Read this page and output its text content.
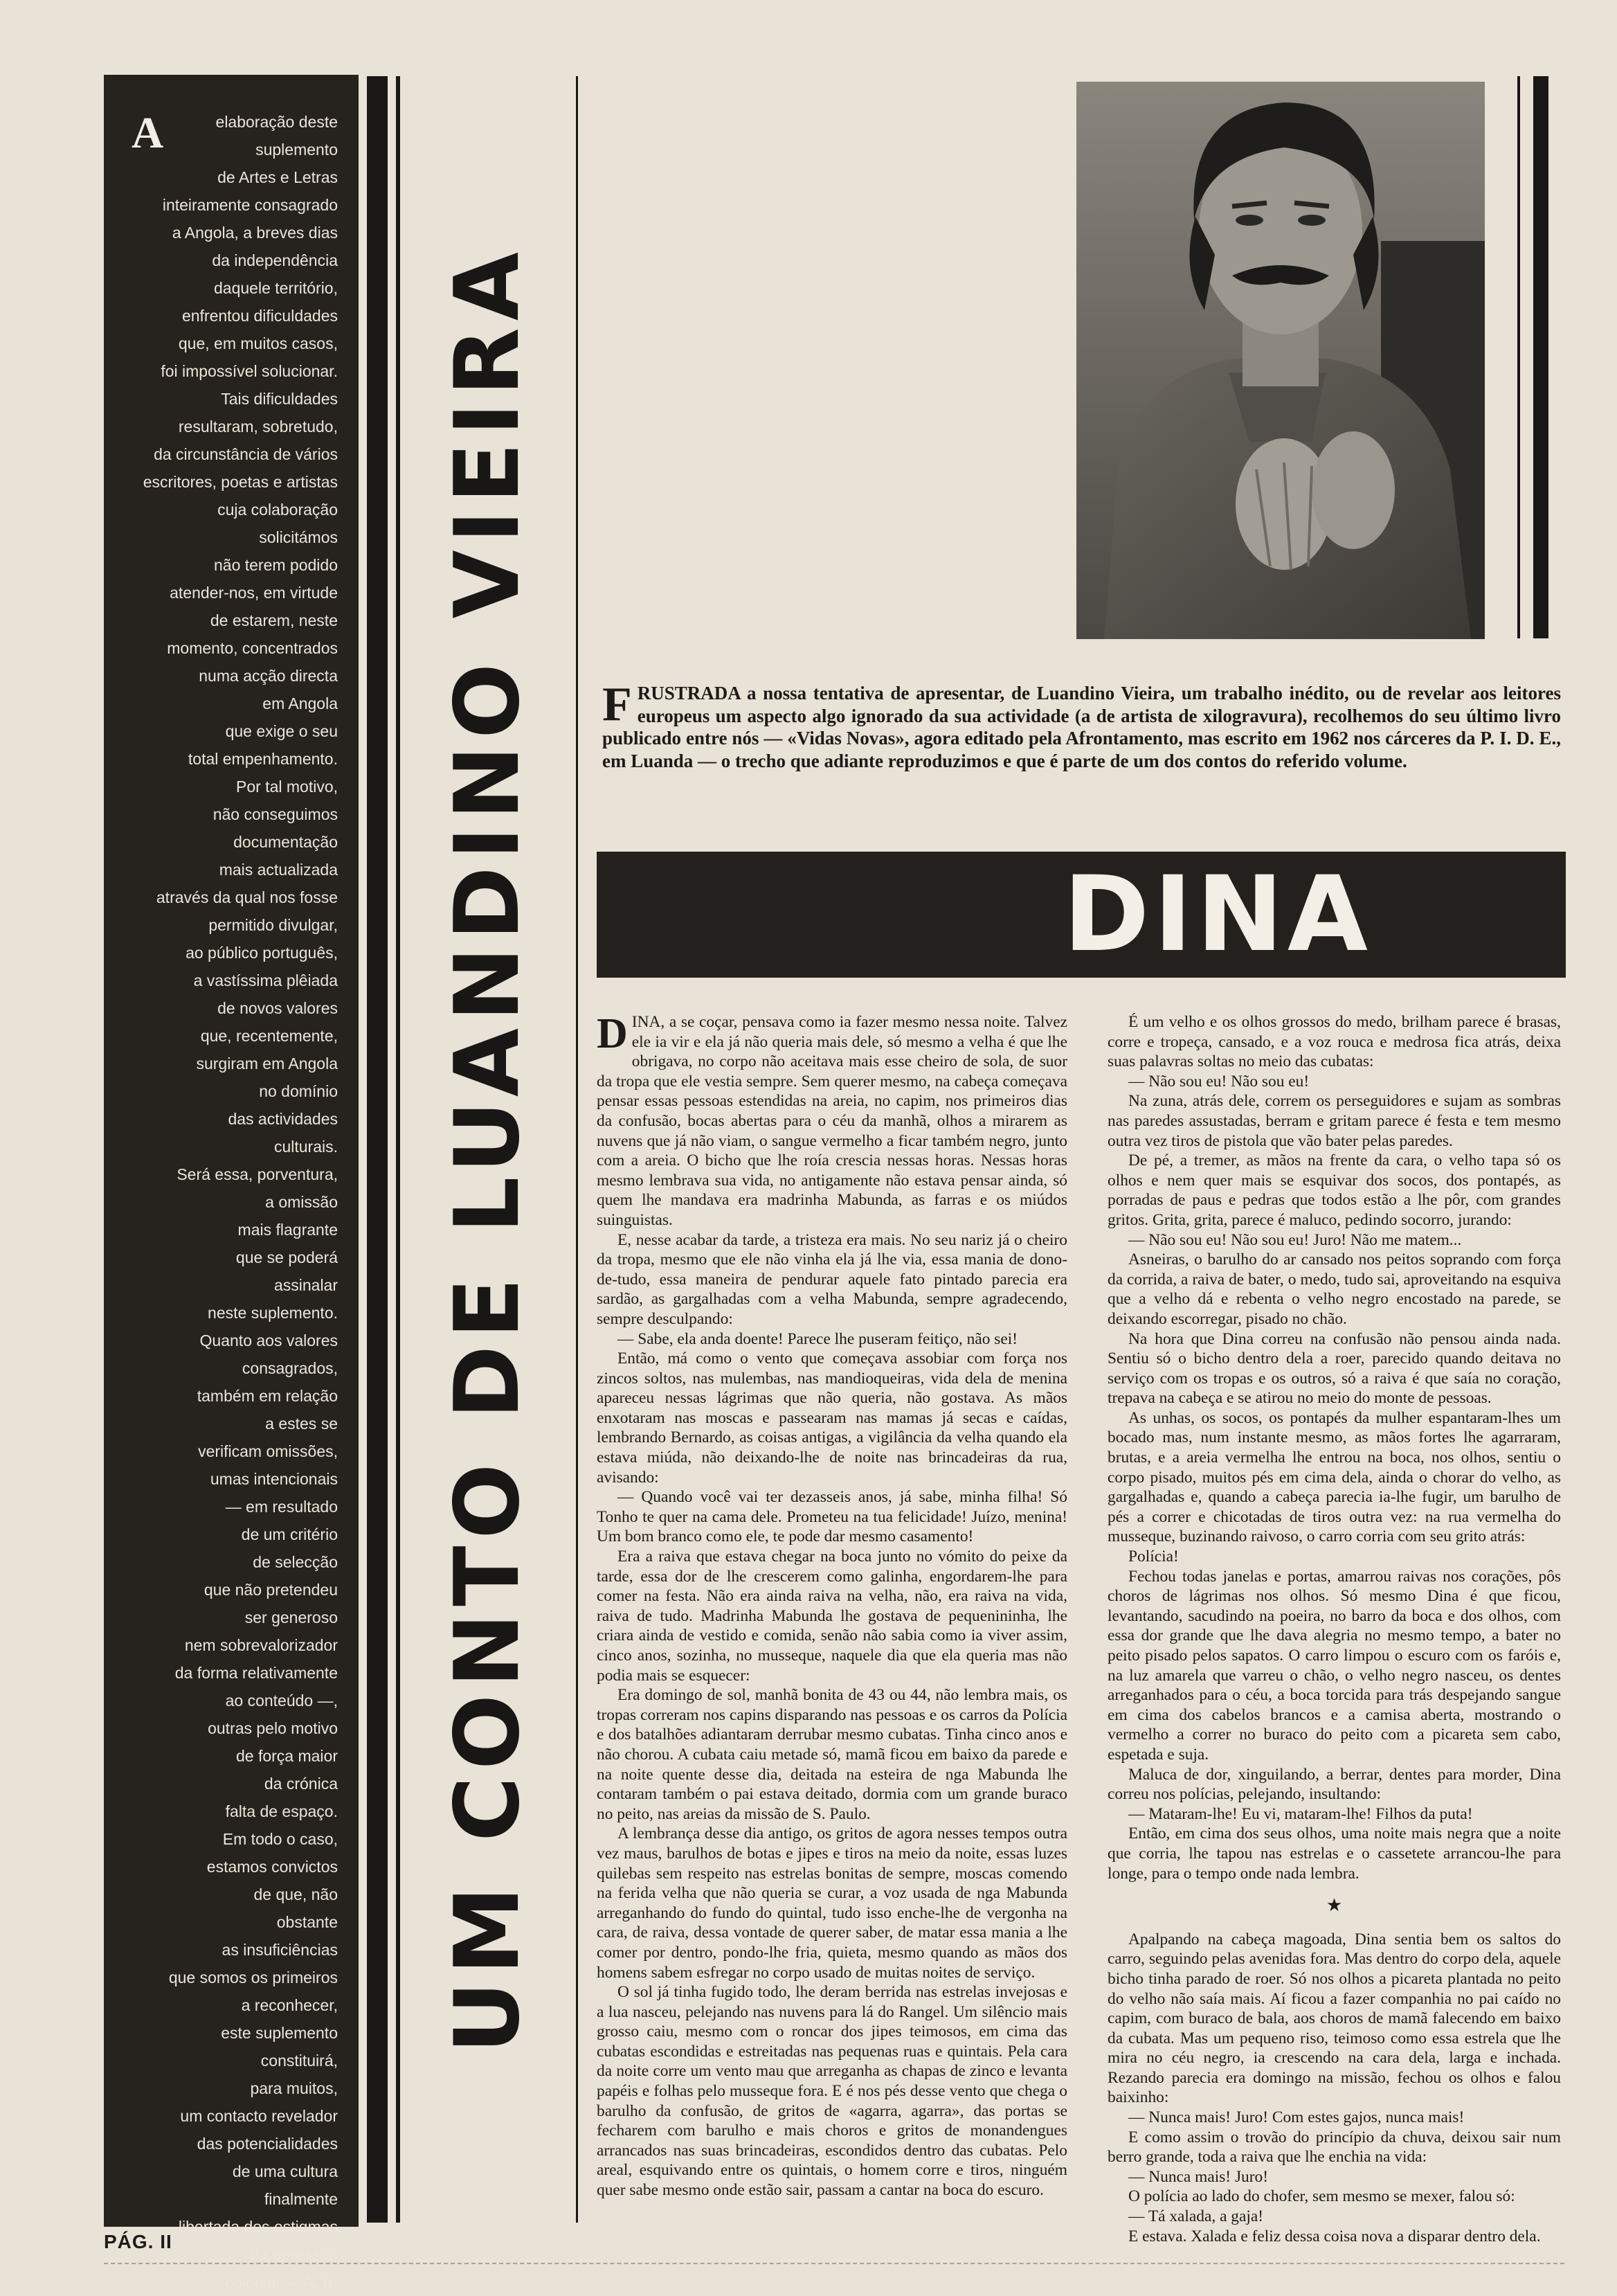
A	elaboração deste

suplemento

de Artes e Letras

inteiramente consagrado

a Angola, a breves dias

da independência

daquele território,

enfrentou dificuldades

que, em muitos casos,

foi impossível solucionar.

Tais dificuldades

resultaram, sobretudo,

da circunstância de vários

escritores, poetas e artistas

cuja colaboração

solicitámos

não terem podido

atender-nos, em virtude

de estarem, neste

momento, concentrados

numa acção directa

em Angola

que exige o seu

total empenhamento.

Por tal motivo,

não conseguimos

documentação

mais actualizada

através da qual nos fosse

permitido divulgar,

ao público português,

a vastíssima plêiada

de novos valores

que, recentemente,

surgiram em Angola

no domínio

das actividades

culturais.

Será essa, porventura,

a omissão

mais flagrante

que se poderá

assinalar

neste suplemento.

Quanto aos valores

consagrados,

também em relação

a estes se

verificam omissões,

umas intencionais

— em resultado

de um critério

de selecção

que não pretendeu

ser generoso

nem sobrevalorizador

da forma relativamente

ao conteúdo —,

outras pelo motivo

de força maior

da crónica

falta de espaço.

Em todo o caso,

estamos convictos

de que, não

obstante

as insuficiências

que somos os primeiros

a reconhecer,

este suplemento

constituirá,

para muitos,

um contacto revelador

das potencialidades

de uma cultura

finalmente

libertada dos estigmas

da opressão

colonial — A. B.

UM CONTO DE LUANDINO VIEIRA FRUSTRADA a nossa tentativa de apresentar, de Luandino Vieira, um trabalho inédito, ou de revelar aos leitores europeus um aspecto algo ignorado da sua actividade (a de artista de xilogravura), recolhemos do seu último livro publicado entre nós — «Vidas Novas», agora editado pela Afrontamento, mas escrito em 1962 nos cárceres da P. I. D. E., em Luanda — o trecho que adiante reproduzimos e que é parte de um dos contos do referido volume.
DINA
D INA, a se coçar, pensava como ia fazer mesmo nessa noite. Talvez ele ia vir e ela já não queria mais dele, só mesmo a velha é que lhe obrigava, no corpo não aceitava mais esse cheiro de sola, de suor da tropa que ele vestia sempre. Sem querer mesmo, na cabeça começava pensar essas pessoas estendidas na areia, no capim, nos primeiros dias da confusão, bocas abertas para o céu da manhã, olhos a mirarem as nuvens que já não viam, o sangue vermelho a ficar também negro, junto com a areia. O bicho que lhe roía crescia nessas horas. Nessas horas mesmo lembrava sua vida, no antigamente não estava pensar ainda, só quem lhe mandava era madrinha Mabunda, as farras e os miúdos suinguistas.

E, nesse acabar da tarde, a tristeza era mais. No seu nariz já o cheiro da tropa, mesmo que ele não vinha ela já lhe via, essa mania de dono-de-tudo, essa maneira de pendurar aquele fato pintado parecia era sardão, as gargalhadas com a velha Mabunda, sempre agradecendo, sempre desculpando:

— Sabe, ela anda doente! Parece lhe puseram feitiço, não sei!

Então, má como o vento que começava assobiar com força nos zincos soltos, nas mulembas, nas mandioqueiras, vida dela de menina apareceu nessas lágrimas que não queria, não gostava. As mãos enxotaram nas moscas e passearam nas mamas já secas e caídas, lembrando Bernardo, as coisas antigas, a vigilância da velha quando ela estava miúda, não deixando-lhe de noite nas brincadeiras da rua, avisando:

— Quando você vai ter dezasseis anos, já sabe, minha filha! Só Tonho te quer na cama dele. Prometeu na tua felicidade! Juízo, menina! Um bom branco como ele, te pode dar mesmo casamento!

Era a raiva que estava chegar na boca junto no vómito do peixe da tarde, essa dor de lhe crescerem como galinha, engordarem-lhe para comer na festa. Não era ainda raiva na velha, não, era raiva na vida, raiva de tudo. Madrinha Mabunda lhe gostava de pequenininha, lhe criara ainda de vestido e comida, senão não sabia como ia viver assim, cinco anos, sozinha, no musseque, naquele dia que ela queria mas não podia mais se esquecer:

Era domingo de sol, manhã bonita de 43 ou 44, não lembra mais, os tropas correram nos capins disparando nas pessoas e os carros da Polícia e dos batalhões adiantaram derrubar mesmo cubatas. Tinha cinco anos e não chorou. A cubata caiu metade só, mamã ficou em baixo da parede e na noite quente desse dia, deitada na esteira de nga Mabunda lhe contaram também o pai estava deitado, dormia com um grande buraco no peito, nas areias da missão de S. Paulo.

A lembrança desse dia antigo, os gritos de agora nesses tempos outra vez maus, barulhos de botas e jipes e tiros na meio da noite, essas luzes quilebas sem respeito nas estrelas bonitas de sempre, moscas comendo na ferida velha que não queria se curar, a voz usada de nga Mabunda arreganhando do fundo do quintal, tudo isso enche-lhe de vergonha na cara, de raiva, dessa vontade de querer saber, de matar essa mania a lhe comer por dentro, pondo-lhe fria, quieta, mesmo quando as mãos dos homens sabem esfregar no corpo usado de muitas noites de serviço.

O sol já tinha fugido todo, lhe deram berrida nas estrelas invejosas e a lua nasceu, pelejando nas nuvens para lá do Rangel. Um silêncio mais grosso caiu, mesmo com o roncar dos jipes teimosos, em cima das cubatas escondidas e estreitadas nas pequenas ruas e quintais. Pela cara da noite corre um vento mau que arreganha as chapas de zinco e levanta papéis e folhas pelo musseque fora. E é nos pés desse vento que chega o barulho da confusão, de gritos de «agarra, agarra», das portas se fecharem com barulho e mais choros e gritos de monandengues arrancados nas suas brincadeiras, escondidos dentro das cubatas. Pelo areal, esquivando entre os quintais, o homem corre e tiros, ninguém quer sabe mesmo onde estão sair, passam a cantar na boca do escuro.

É um velho e os olhos grossos do medo, brilham parece é brasas, corre e tropeça, cansado, e a voz rouca e medrosa fica atrás, deixa suas palavras soltas no meio das cubatas:

— Não sou eu! Não sou eu!

Na zuna, atrás dele, correm os perseguidores e sujam as sombras nas paredes assustadas, berram e gritam parece é festa e tem mesmo outra vez tiros de pistola que vão bater pelas paredes.

De pé, a tremer, as mãos na frente da cara, o velho tapa só os olhos e nem quer mais se esquivar dos socos, dos pontapés, as porradas de paus e pedras que todos estão a lhe pôr, com grandes gritos. Grita, grita, parece é maluco, pedindo socorro, jurando:

— Não sou eu! Não sou eu! Juro! Não me matem...

Asneiras, o barulho do ar cansado nos peitos soprando com força da corrida, a raiva de bater, o medo, tudo sai, aproveitando na esquiva que a velho dá e rebenta o velho negro encostado na parede, se deixando escorregar, pisado no chão.

Na hora que Dina correu na confusão não pensou ainda nada. Sentiu só o bicho dentro dela a roer, parecido quando deitava no serviço com os tropas e os outros, só a raiva é que saía no coração, trepava na cabeça e se atirou no meio do monte de pessoas.

As unhas, os socos, os pontapés da mulher espantaram-lhes um bocado mas, num instante mesmo, as mãos fortes lhe agarraram, brutas, e a areia vermelha lhe entrou na boca, nos olhos, sentiu o corpo pisado, muitos pés em cima dela, ainda o chorar do velho, as gargalhadas e, quando a cabeça parecia ia-lhe fugir, um barulho de pés a correr e chicotadas de tiros outra vez: na rua vermelha do musseque, buzinando raivoso, o carro corria com seu grito atrás:

Polícia!

Fechou todas janelas e portas, amarrou raivas nos corações, pôs choros de lágrimas nos olhos. Só mesmo Dina é que ficou, levantando, sacudindo na poeira, no barro da boca e dos olhos, com essa dor grande que lhe dava alegria no mesmo tempo, a bater no peito pisado pelos sapatos. O carro limpou o escuro com os faróis e, na luz amarela que varreu o chão, o velho negro nasceu, os dentes arreganhados para o céu, a boca torcida para trás despejando sangue em cima dos cabelos brancos e a camisa aberta, mostrando o vermelho a correr no buraco do peito com a picareta sem cabo, espetada e suja.

Maluca de dor, xinguilando, a berrar, dentes para morder, Dina correu nos polícias, pelejando, insultando:

— Mataram-lhe! Eu vi, mataram-lhe! Filhos da puta!

Então, em cima dos seus olhos, uma noite mais negra que a noite que corria, lhe tapou nas estrelas e o cassetete arrancou-lhe para longe, para o tempo onde nada lembra.

★

Apalpando na cabeça magoada, Dina sentia bem os saltos do carro, seguindo pelas avenidas fora. Mas dentro do corpo dela, aquele bicho tinha parado de roer. Só nos olhos a picareta plantada no peito do velho não saía mais. Aí ficou a fazer companhia no pai caído no capim, com buraco de bala, aos choros de mamã falecendo em baixo da cubata. Mas um pequeno riso, teimoso como essa estrela que lhe mira no céu negro, ia crescendo na cara dela, larga e inchada. Rezando parecia era domingo na missão, fechou os olhos e falou baixinho:

— Nunca mais! Juro! Com estes gajos, nunca mais!

E como assim o trovão do princípio da chuva, deixou sair num berro grande, toda a raiva que lhe enchia na vida:

— Nunca mais! Juro!

O polícia ao lado do chofer, sem mesmo se mexer, falou só:

— Tá xalada, a gaja!

E estava. Xalada e feliz dessa coisa nova a disparar dentro dela.

PÁG. II
